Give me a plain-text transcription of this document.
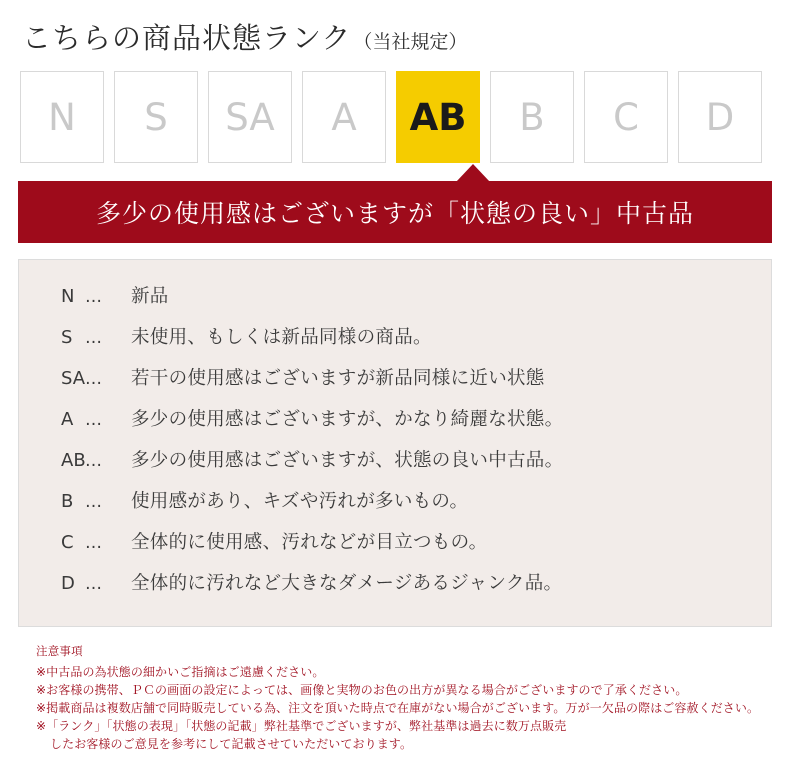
こちらの商品状態ランク （当社規定）
N	S	SA	A	AB	B	C	D
多少の使用感はございますが「状態の良い」中古品
N …	新品
S …	未使用、もしくは新品同様の商品。
SA …	若干の使用感はございますが新品同様に近い状態
A …	多少の使用感はございますが、かなり綺麗な状態。
AB …	多少の使用感はございますが、状態の良い中古品。
B …	使用感があり、キズや汚れが多いもの。
C …	全体的に使用感、汚れなどが目立つもの。
D …	全体的に汚れなど大きなダメージあるジャンク品。
注意事項
※中古品の為状態の細かいご指摘はご遠慮ください。
※お客様の携帯、ＰＣの画面の設定によっては、画像と実物のお色の出方が異なる場合がございますので了承ください。
※掲載商品は複数店舗で同時販売している為、注文を頂いた時点で在庫がない場合がございます。万が一欠品の際はご容赦ください。
※「ランク」「状態の表現」「状態の記載」弊社基準でございますが、弊社基準は過去に数万点販売
したお客様のご意見を参考にして記載させていただいております。
